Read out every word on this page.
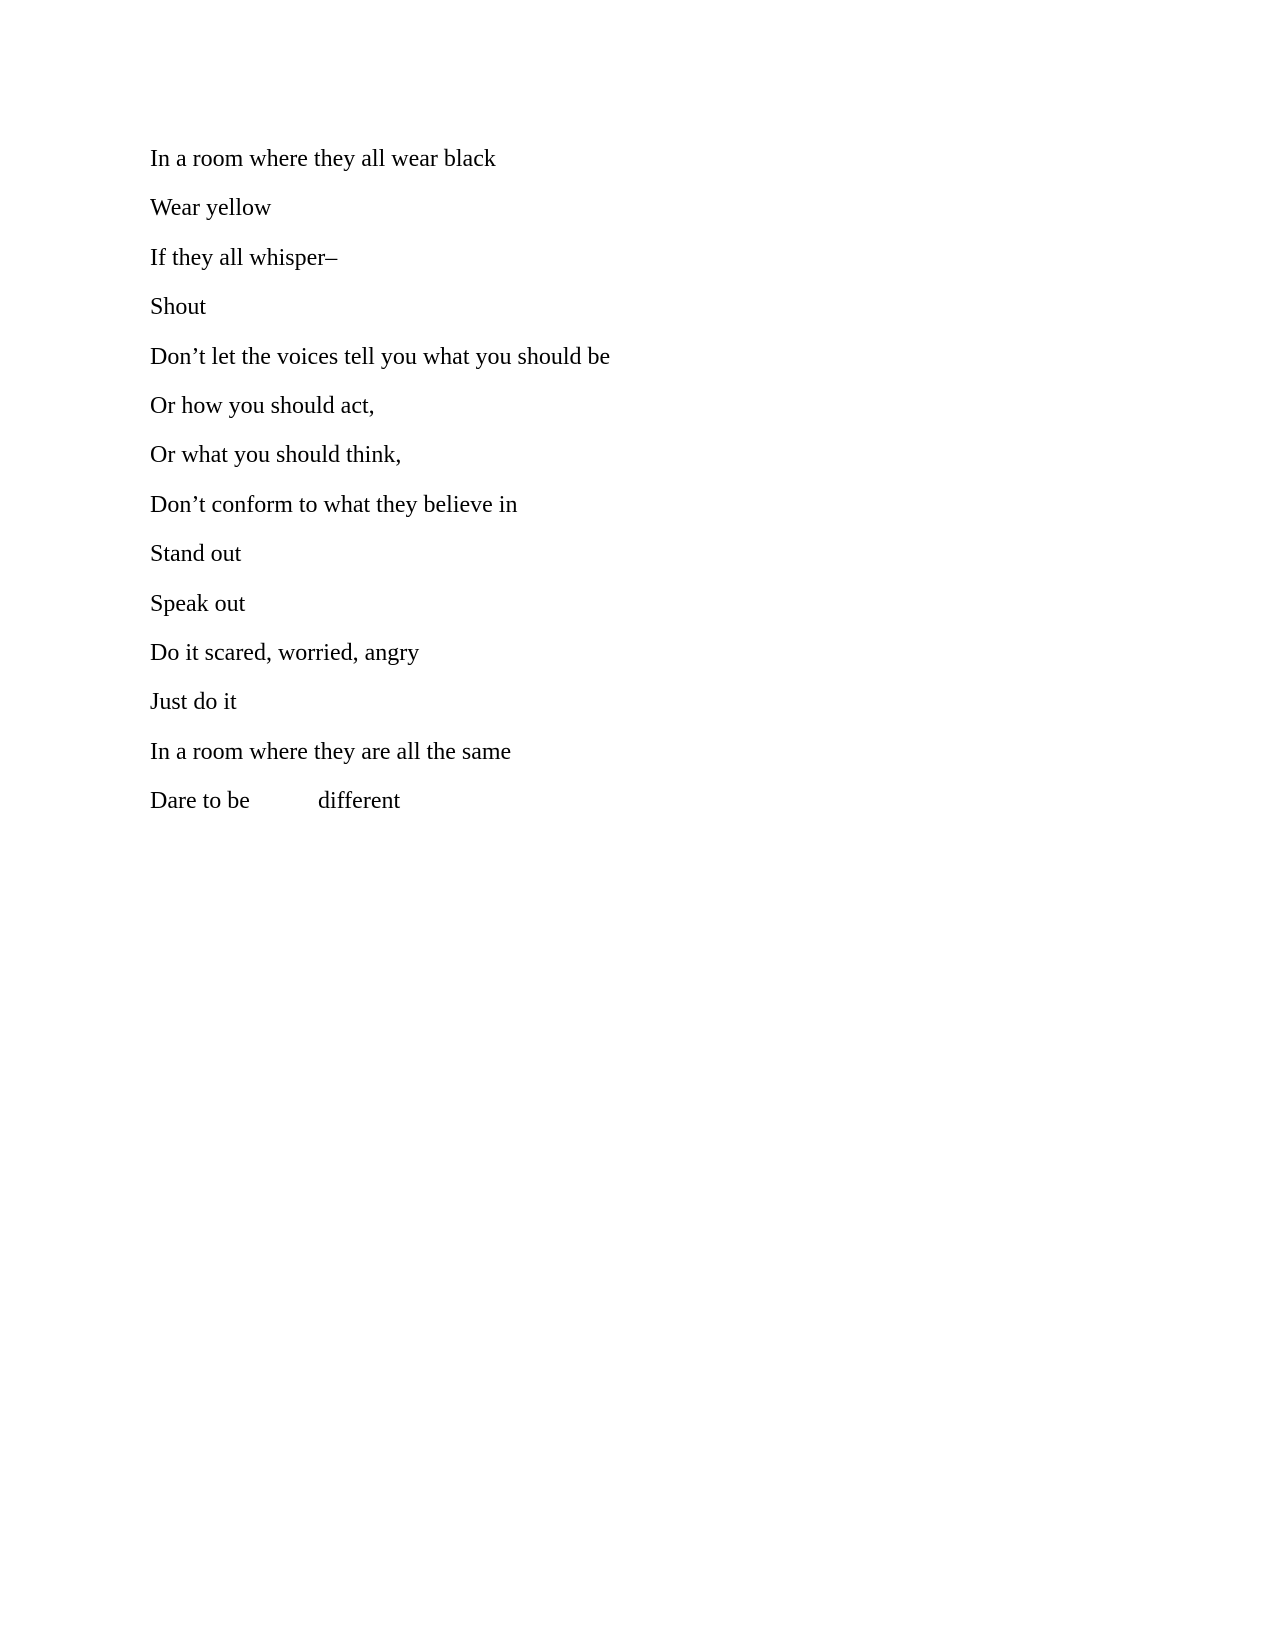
In a room where they all wear black
Wear yellow
If they all whisper–
Shout
Don’t let the voices tell you what you should be
Or how you should act,
Or what you should think,
Don’t conform to what they believe in
Stand out
Speak out
Do it scared, worried, angry
Just do it
In a room where they are all the same
Dare to be	different
